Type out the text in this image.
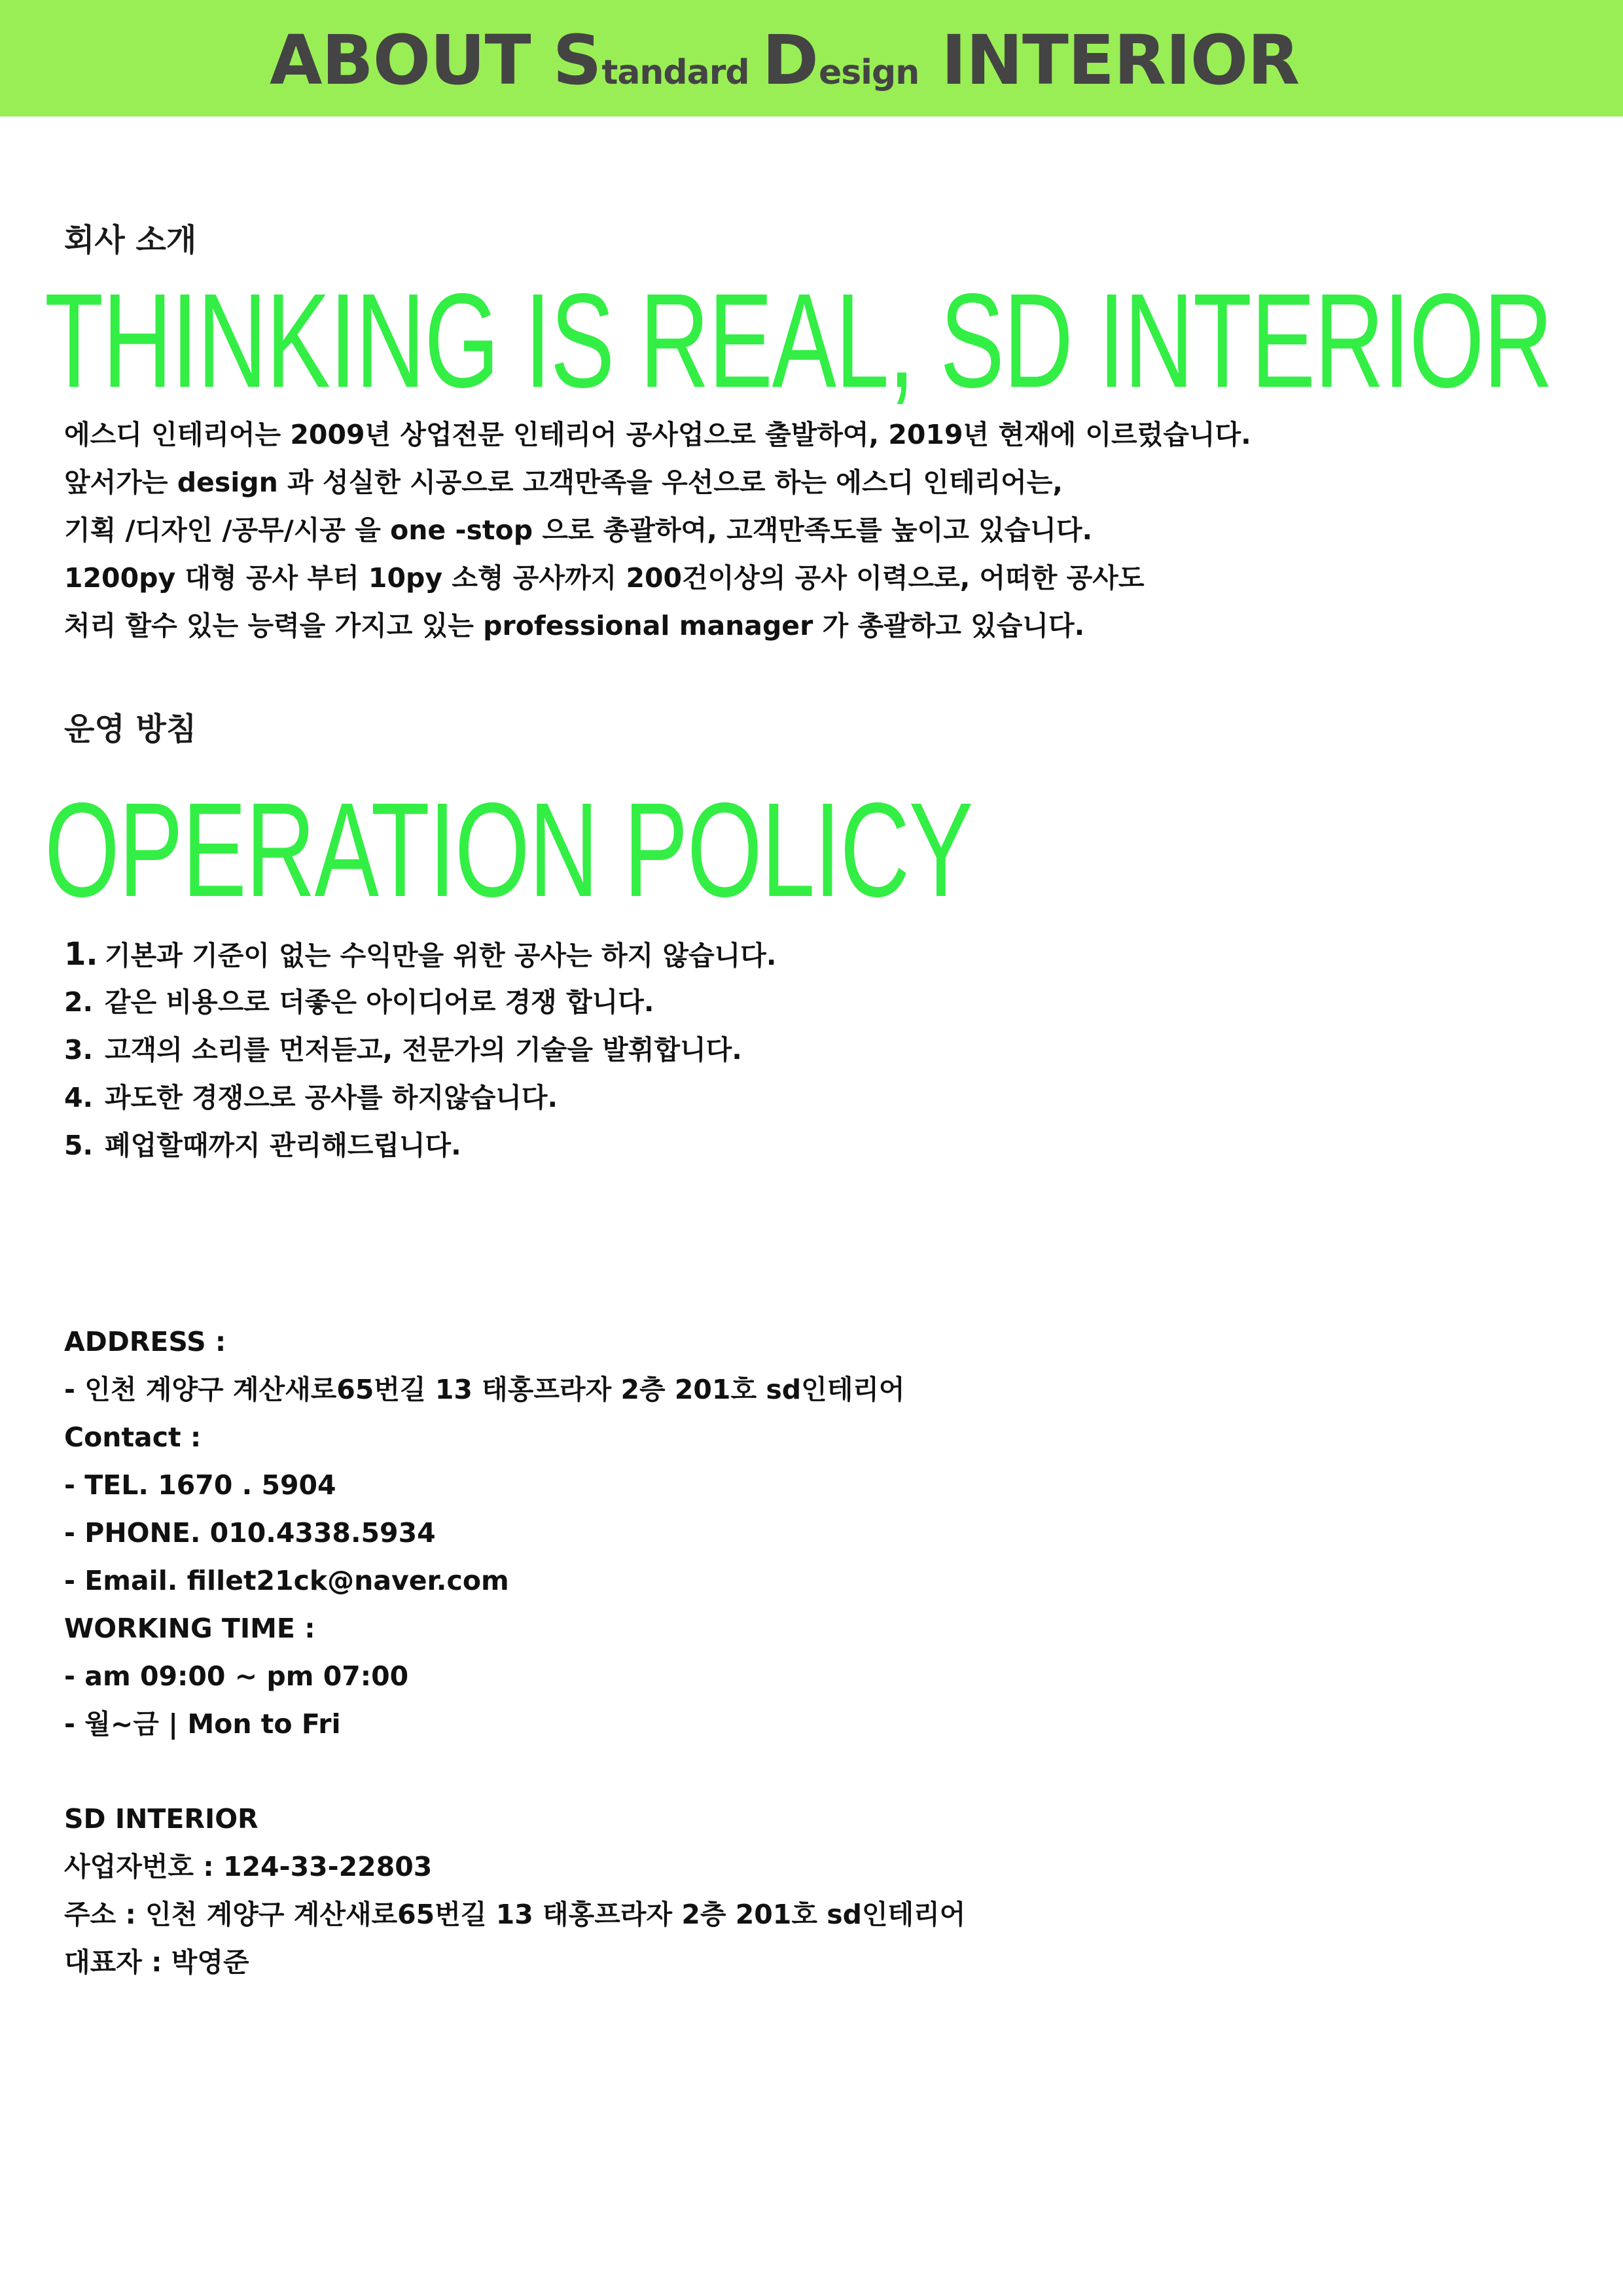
ABOUT Standard Design INTERIOR
회사 소개
THINKING IS REAL, SD INTERIOR
에스디 인테리어는 2009년 상업전문 인테리어 공사업으로 출발하여, 2019년 현재에 이르렀습니다.
앞서가는 design 과 성실한 시공으로 고객만족을 우선으로 하는 에스디 인테리어는,
기획 /디자인 /공무/시공 을 one -stop 으로 총괄하여, 고객만족도를 높이고 있습니다.
1200py 대형 공사 부터 10py 소형 공사까지 200건이상의 공사 이력으로, 어떠한 공사도
처리 할수 있는 능력을 가지고 있는 professional manager 가 총괄하고 있습니다.
운영 방침
OPERATION POLICY
1. 기본과 기준이 없는 수익만을 위한 공사는 하지 않습니다.
2. 같은 비용으로 더좋은 아이디어로 경쟁 합니다.
3. 고객의 소리를 먼저듣고, 전문가의 기술을 발휘합니다.
4. 과도한 경쟁으로 공사를 하지않습니다.
5. 폐업할때까지 관리해드립니다.
ADDRESS :
- 인천 계양구 계산새로65번길 13 태홍프라자 2층 201호 sd인테리어
Contact :
- TEL. 1670 . 5904
- PHONE. 010.4338.5934
- Email. fillet21ck@naver.com
WORKING TIME :
- am 09:00 ~ pm 07:00
- 월~금 | Mon to Fri
SD INTERIOR
사업자번호 : 124-33-22803
주소 : 인천 계양구 계산새로65번길 13 태홍프라자 2층 201호 sd인테리어
대표자 : 박영준
